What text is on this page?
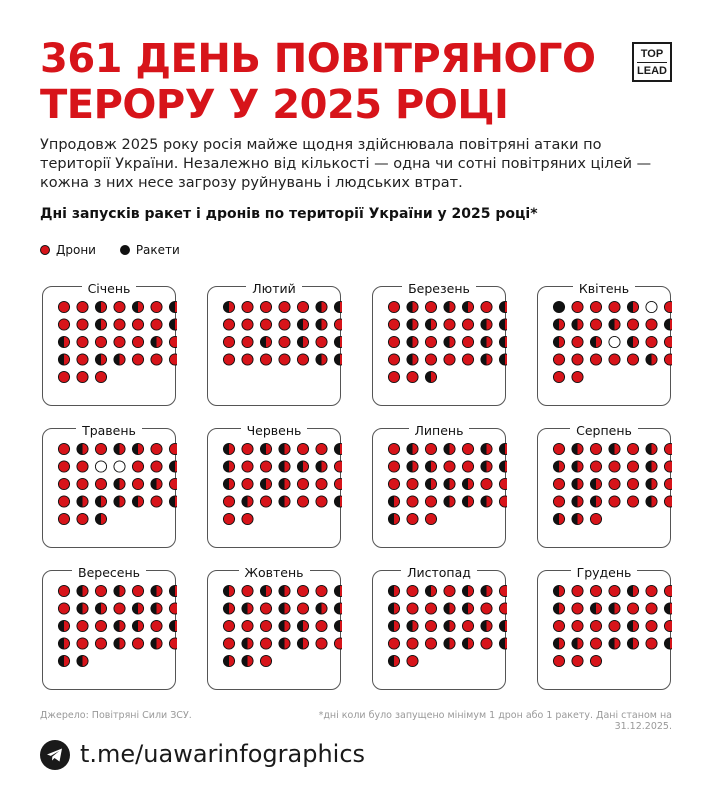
361 ДЕНЬ ПОВІТРЯНОГО
ТЕРОРУ У 2025 РОЦІ
TOP
LEAD
Упродовж 2025 року росія майже щодня здійснювала повітряні атаки по території України. Незалежно від кількості — одна чи сотні повітряних цілей — кожна з них несе загрозу руйнувань і людських втрат.
Дні запусків ракет і дронів по території України у 2025 році*
Дрони	Ракети
Січень	Лютий	Березень	Квітень
Травень	Червень	Липень	Серпень
Вересень	Жовтень	Листопад	Грудень
Джерело: Повітряні Сили ЗСУ.	*дні коли було запущено мінімум 1 дрон або 1 ракету. Дані станом на 31.12.2025.
t.me/uawarinfographics
